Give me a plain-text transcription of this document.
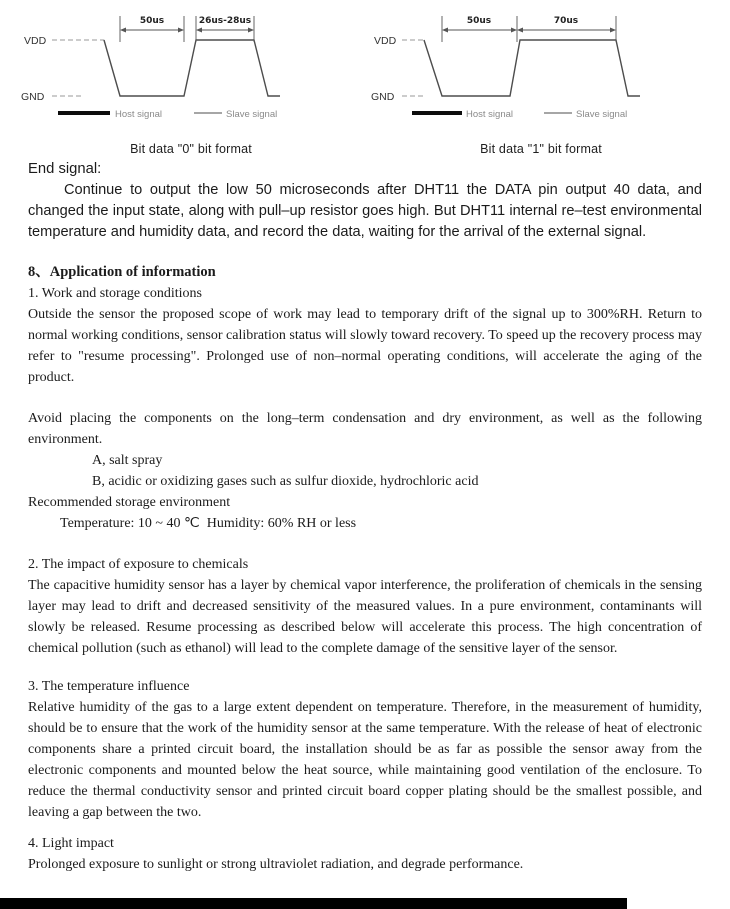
VDD
GND
50us	26us-28us
Host signal	Slave signal
Bit data "0" bit format
VDD
GND
50us	70us
Host signal	Slave signal
Bit data "1" bit format
End signal:

Continue to output the low 50 microseconds after DHT11 the DATA pin output 40 data, and changed the input state, along with pull–up resistor goes high. But DHT11 internal re–test environmental temperature and humidity data, and record the data, waiting for the arrival of the external signal.

8、Application of information
1. Work and storage conditions

Outside the sensor the proposed scope of work may lead to temporary drift of the signal up to 300%RH. Return to normal working conditions, sensor calibration status will slowly toward recovery. To speed up the recovery process may refer to "resume processing". Prolonged use of non–normal operating conditions, will accelerate the aging of the product.

Avoid placing the components on the long–term condensation and dry environment, as well as the following environment.

A, salt spray
B, acidic or oxidizing gases such as sulfur dioxide, hydrochloric acid
Recommended storage environment
Temperature: 10 ~ 40 ℃  Humidity: 60% RH or less
2. The impact of exposure to chemicals

The capacitive humidity sensor has a layer by chemical vapor interference, the proliferation of chemicals in the sensing layer may lead to drift and decreased sensitivity of the measured values. In a pure environment, contaminants will slowly be released. Resume processing as described below will accelerate this process. The high concentration of chemical pollution (such as ethanol) will lead to the complete damage of the sensitive layer of the sensor.

3. The temperature influence

Relative humidity of the gas to a large extent dependent on temperature. Therefore, in the measurement of humidity, should be to ensure that the work of the humidity sensor at the same temperature. With the release of heat of electronic components share a printed circuit board, the installation should be as far as possible the sensor away from the electronic components and mounted below the heat source, while maintaining good ventilation of the enclosure. To reduce the thermal conductivity sensor and printed circuit board copper plating should be the smallest possible, and leaving a gap between the two.

4. Light impact

Prolonged exposure to sunlight or strong ultraviolet radiation, and degrade performance.
